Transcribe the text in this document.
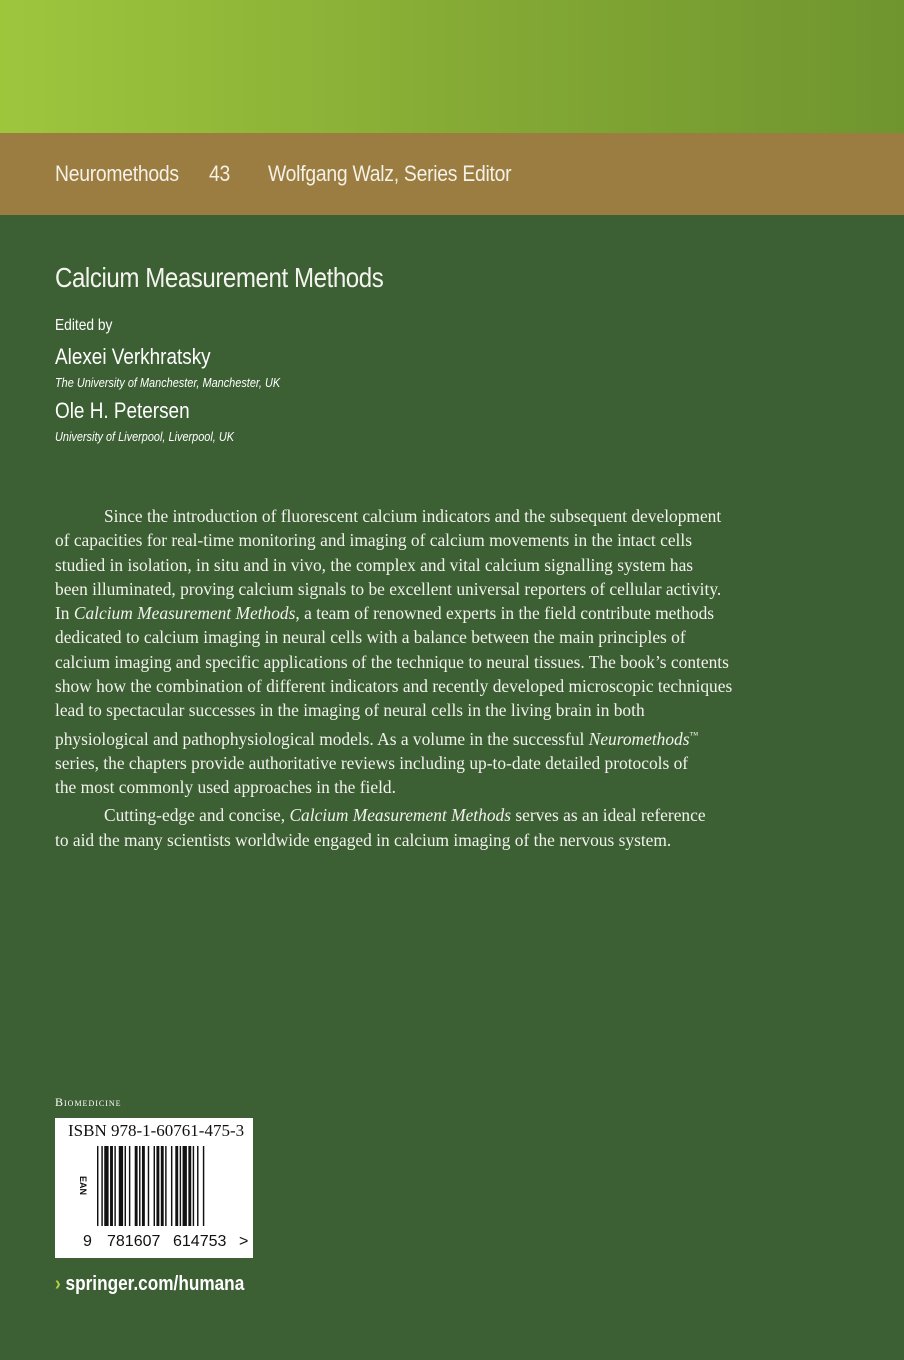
Neuromethods 43 Wolfgang Walz, Series Editor
Calcium Measurement Methods
Edited by
Alexei Verkhratsky
The University of Manchester, Manchester, UK
Ole H. Petersen
University of Liverpool, Liverpool, UK
Since the introduction of fluorescent calcium indicators and the subsequent development
of capacities for real-time monitoring and imaging of calcium movements in the intact cells
studied in isolation, in situ and in vivo, the complex and vital calcium signalling system has
been illuminated, proving calcium signals to be excellent universal reporters of cellular activity.
In Calcium Measurement Methods, a team of renowned experts in the field contribute methods
dedicated to calcium imaging in neural cells with a balance between the main principles of
calcium imaging and specific applications of the technique to neural tissues. The book’s contents
show how the combination of different indicators and recently developed microscopic techniques
lead to spectacular successes in the imaging of neural cells in the living brain in both
physiological and pathophysiological models. As a volume in the successful Neuromethods™
series, the chapters provide authoritative reviews including up-to-date detailed protocols of
the most commonly used approaches in the field.
Cutting-edge and concise, Calcium Measurement Methods serves as an ideal reference
to aid the many scientists worldwide engaged in calcium imaging of the nervous system.
Biomedicine
ISBN 978-1-60761-475-3
EAN
9 781607 614753 >
› springer.com/humana
